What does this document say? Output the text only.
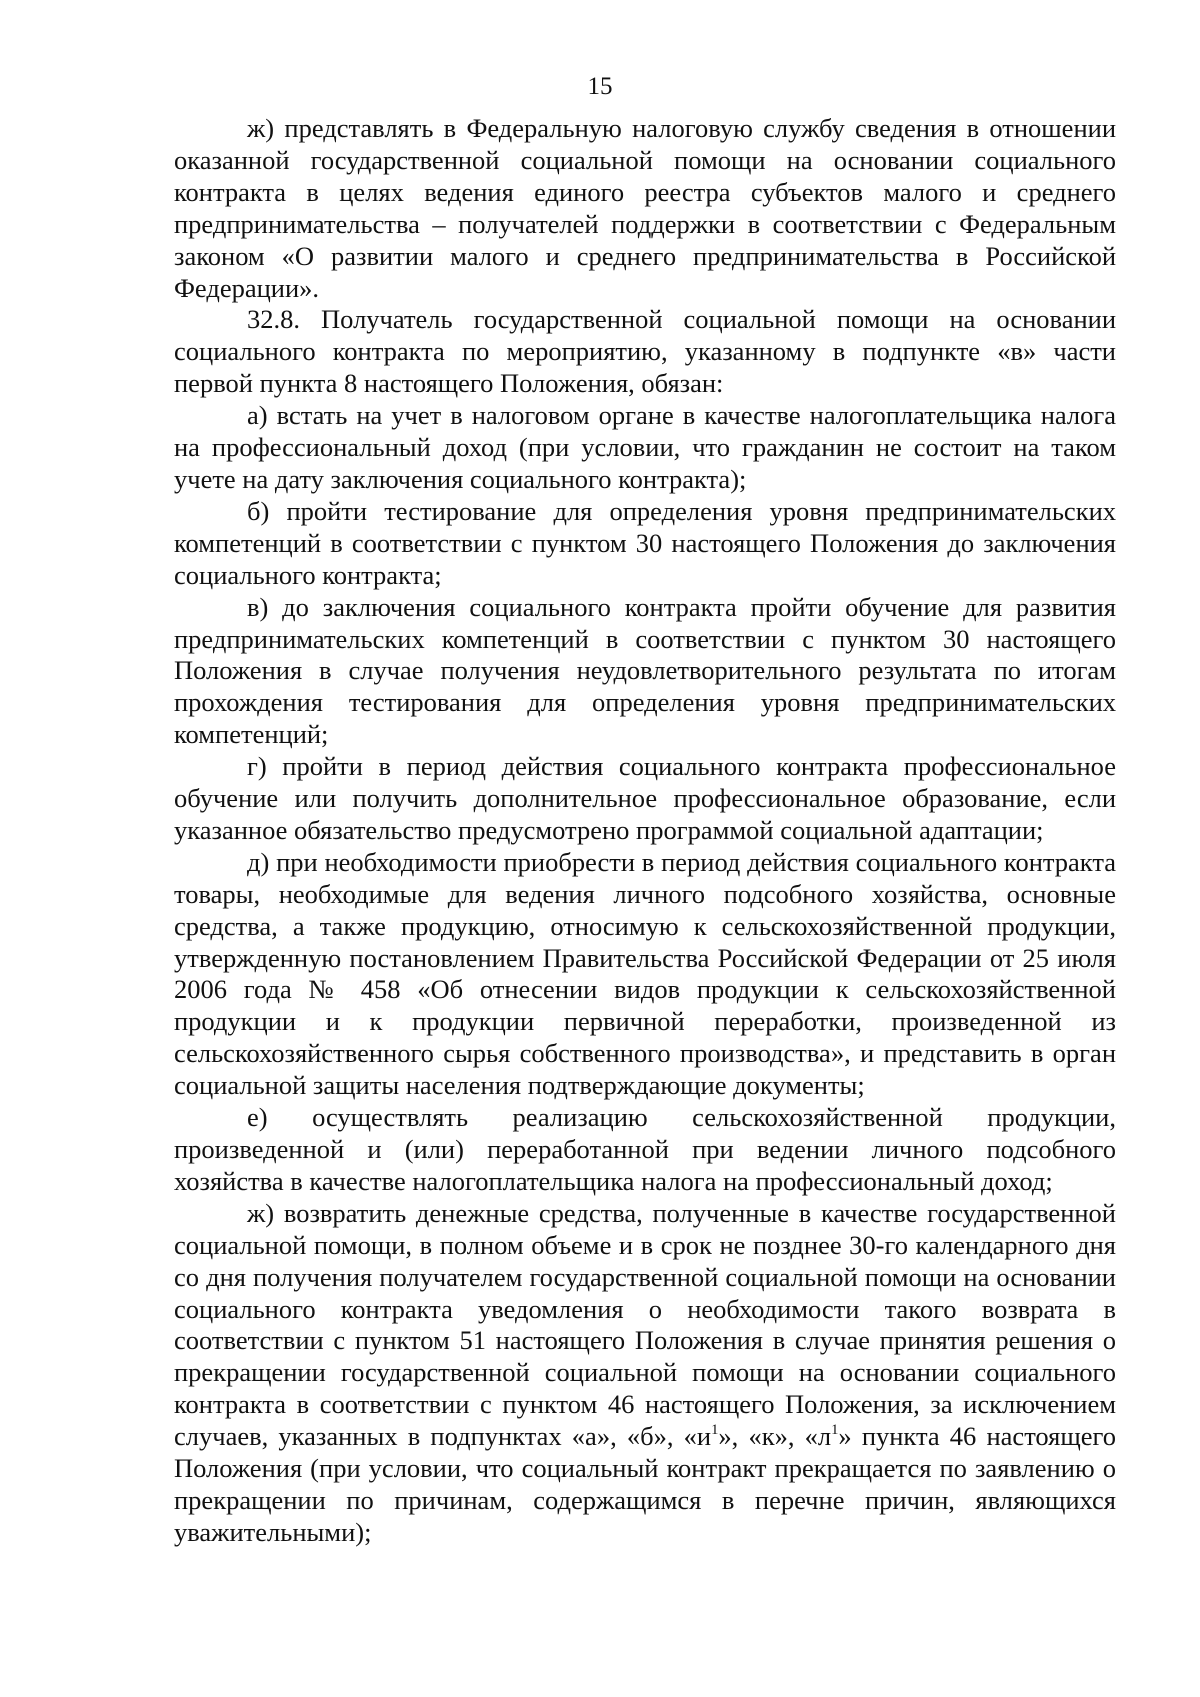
15

ж) представлять в Федеральную налоговую службу сведения в отношении оказанной государственной социальной помощи на основании социального контракта в целях ведения единого реестра субъектов малого и среднего предпринимательства – получателей поддержки в соответствии с Федеральным законом «О развитии малого и среднего предпринимательства в Российской Федерации».

32.8. Получатель государственной социальной помощи на основании социального контракта по мероприятию, указанному в подпункте «в» части первой пункта 8 настоящего Положения, обязан:

а) встать на учет в налоговом органе в качестве налогоплательщика налога на профессиональный доход (при условии, что гражданин не состоит на таком учете на дату заключения социального контракта);

б) пройти тестирование для определения уровня предпринимательских компетенций в соответствии с пунктом 30 настоящего Положения до заключения социального контракта;

в) до заключения социального контракта пройти обучение для развития предпринимательских компетенций в соответствии с пунктом 30 настоящего Положения в случае получения неудовлетворительного результата по итогам прохождения тестирования для определения уровня предпринимательских компетенций;

г) пройти в период действия социального контракта профессиональное обучение или получить дополнительное профессиональное образование, если указанное обязательство предусмотрено программой социальной адаптации;

д) при необходимости приобрести в период действия социального контракта товары, необходимые для ведения личного подсобного хозяйства, основные средства, а также продукцию, относимую к сельскохозяйственной продукции, утвержденную постановлением Правительства Российской Федерации от 25 июля 2006 года № 458 «Об отнесении видов продукции к сельскохозяйственной продукции и к продукции первичной переработки, произведенной из сельскохозяйственного сырья собственного производства», и представить в орган социальной защиты населения подтверждающие документы;

е) осуществлять реализацию сельскохозяйственной продукции, произведенной и (или) переработанной при ведении личного подсобного хозяйства в качестве налогоплательщика налога на профессиональный доход;

ж) возвратить денежные средства, полученные в качестве государственной социальной помощи, в полном объеме и в срок не позднее 30-го календарного дня со дня получения получателем государственной социальной помощи на основании социального контракта уведомления о необходимости такого возврата в соответствии с пунктом 51 настоящего Положения в случае принятия решения о прекращении государственной социальной помощи на основании социального контракта в соответствии с пунктом 46 настоящего Положения, за исключением случаев, указанных в подпунктах «а», «б», «$и^1$», «к», «$л^1$» пункта 46 настоящего Положения (при условии, что социальный контракт прекращается по заявлению о прекращении по причинам, содержащимся в перечне причин, являющихся уважительными);
